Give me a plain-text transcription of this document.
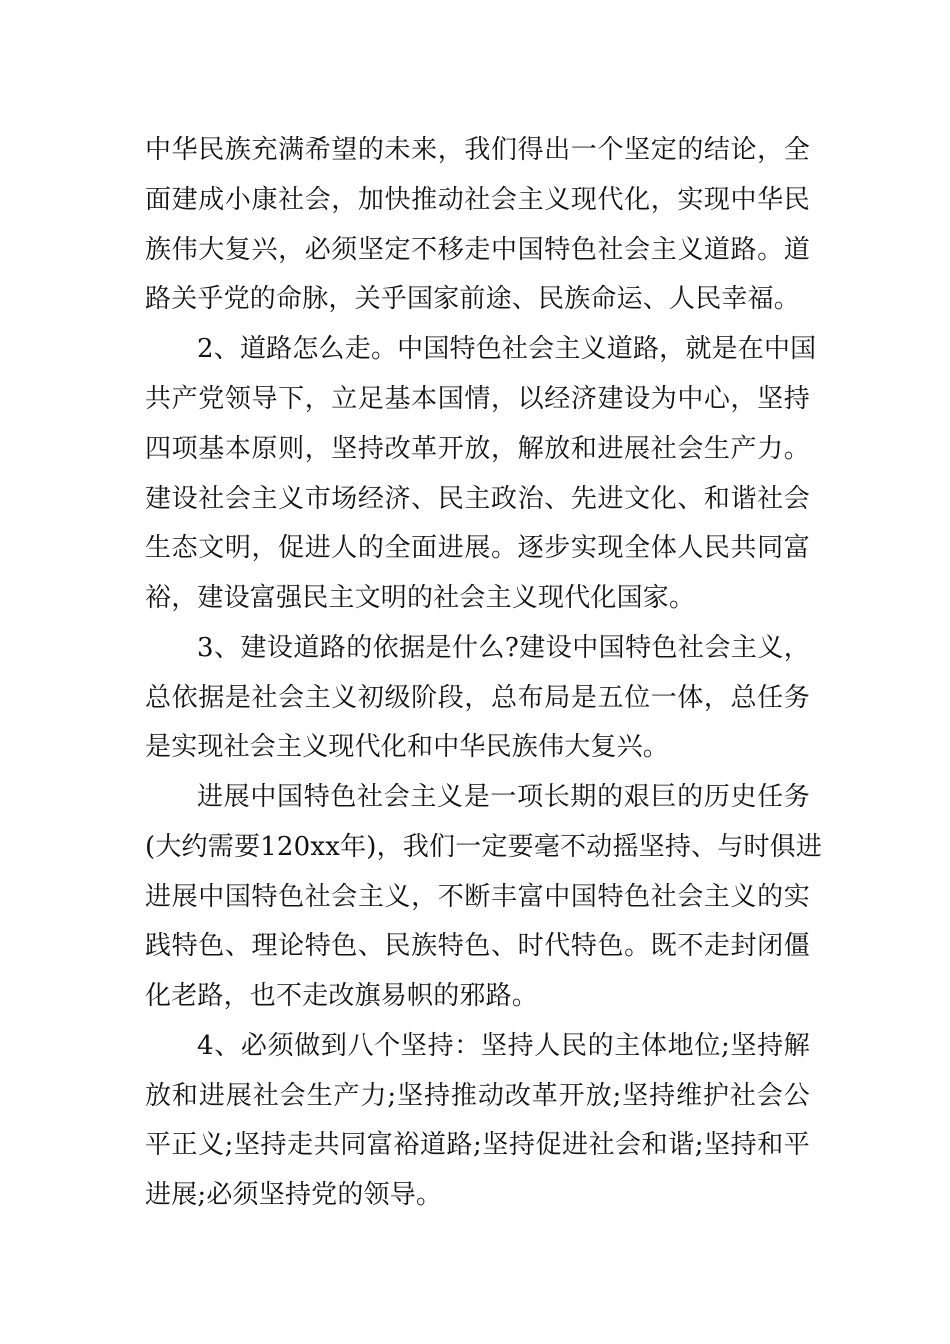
中华民族充满希望的未来，我们得出一个坚定的结论，全
面建成小康社会，加快推动社会主义现代化，实现中华民
族伟大复兴，必须坚定不移走中国特色社会主义道路。道
路关乎党的命脉，关乎国家前途、民族命运、人民幸福。
2、道路怎么走。中国特色社会主义道路，就是在中国
共产党领导下，立足基本国情，以经济建设为中心，坚持
四项基本原则，坚持改革开放，解放和进展社会生产力。
建设社会主义市场经济、民主政治、先进文化、和谐社会
生态文明，促进人的全面进展。逐步实现全体人民共同富
裕，建设富强民主文明的社会主义现代化国家。
3、建设道路的依据是什么?建设中国特色社会主义，
总依据是社会主义初级阶段，总布局是五位一体，总任务
是实现社会主义现代化和中华民族伟大复兴。
进展中国特色社会主义是一项长期的艰巨的历史任务
(大约需要120xx年)，我们一定要毫不动摇坚持、与时俱进
进展中国特色社会主义，不断丰富中国特色社会主义的实
践特色、理论特色、民族特色、时代特色。既不走封闭僵
化老路，也不走改旗易帜的邪路。
4、必须做到八个坚持：坚持人民的主体地位;坚持解
放和进展社会生产力;坚持推动改革开放;坚持维护社会公
平正义;坚持走共同富裕道路;坚持促进社会和谐;坚持和平
进展;必须坚持党的领导。
